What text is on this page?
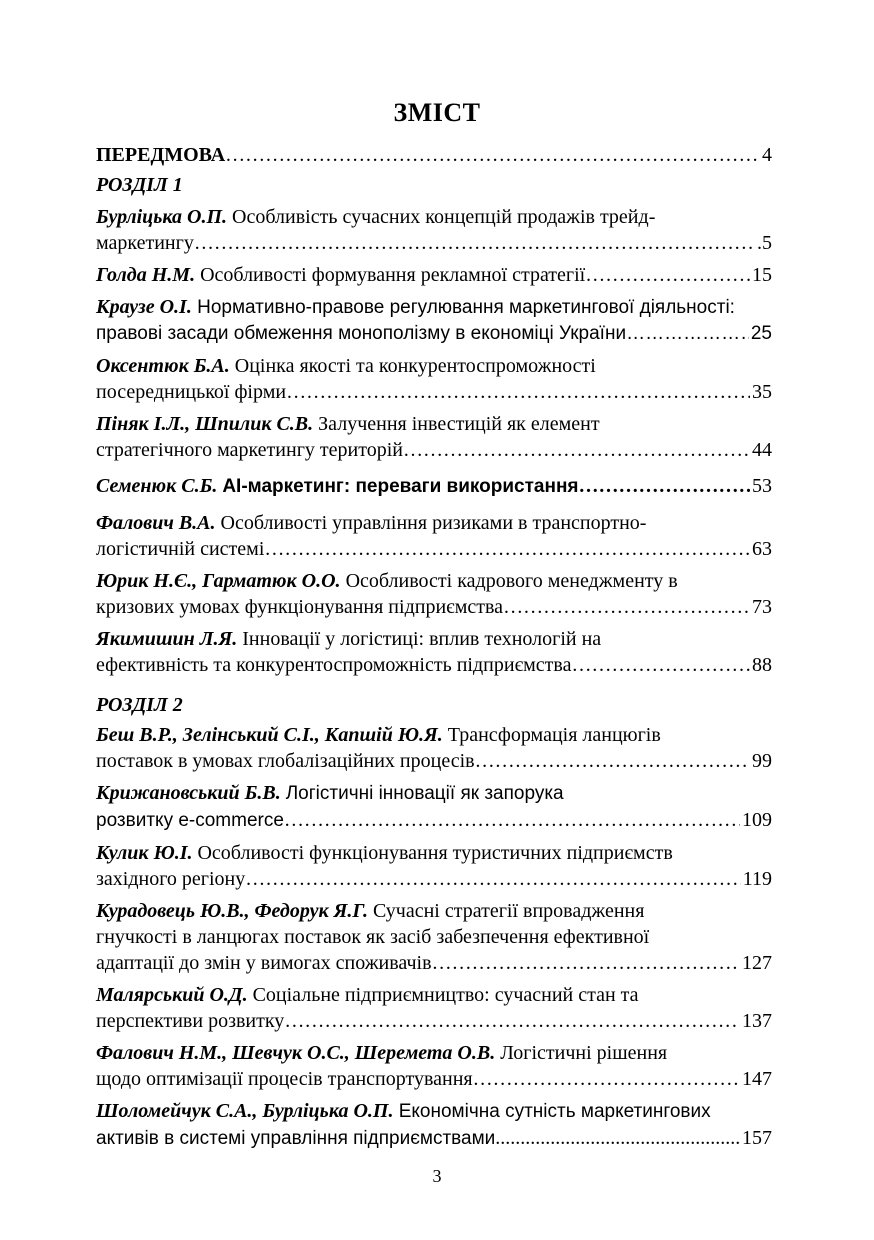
ЗМІСТ
ПЕРЕДМОВА …………………………………………………………………………………………………………………………………………………	4
РОЗДІЛ 1
Бурліцька О.П. Особливість сучасних концепцій продажів трейд-
маркетингу …………………………………………………………………………………………………………………………………………………	.5
Голда Н.М. Особливості формування рекламної стратегії …………………………………………………………………………………………………………………………………………………	15
Краузе О.І. Нормативно-правове регулювання маркетингової діяльності:
правові засади обмеження монополізму в економіці України …………………………………………………………………………………………………………………………………………………	25
Оксентюк Б.А. Оцінка якості та конкурентоспроможності
посередницької фірми …………………………………………………………………………………………………………………………………………………	35
Піняк І.Л., Шпилик С.В. Залучення інвестицій як елемент
стратегічного маркетингу територій …………………………………………………………………………………………………………………………………………………	44
Семенюк С.Б. AI-маркетинг: переваги використання …………………………………………………………………………………………………………………………………………………	53
Фалович В.А. Особливості управління ризиками в транспортно-
логістичній системі …………………………………………………………………………………………………………………………………………………	63
Юрик Н.Є., Гарматюк О.О. Особливості кадрового менеджменту в
кризових умовах функціонування підприємства …………………………………………………………………………………………………………………………………………………	73
Якимишин Л.Я. Інновації у логістиці: вплив технологій на
ефективність та конкурентоспроможність підприємства …………………………………………………………………………………………………………………………………………………	88
РОЗДІЛ 2
Беш В.Р., Зелінський С.І., Капшій Ю.Я. Трансформація ланцюгів
поставок в умовах глобалізаційних процесів …………………………………………………………………………………………………………………………………………………	99
Крижановський Б.В. Логістичні інновації як запорука
розвитку e-commerce …………………………………………………………………………………………………………………………………………………	109
Кулик Ю.І. Особливості функціонування туристичних підприємств
західного регіону …………………………………………………………………………………………………………………………………………………	119
Курадовець Ю.В., Федорук Я.Г. Сучасні стратегії впровадження
гнучкості в ланцюгах поставок як засіб забезпечення ефективної
адаптації до змін у вимогах споживачів …………………………………………………………………………………………………………………………………………………	127
Малярський О.Д. Соціальне підприємництво: сучасний стан та
перспективи розвитку …………………………………………………………………………………………………………………………………………………	137
Фалович Н.М., Шевчук О.С., Шеремета О.В. Логістичні рішення
щодо оптимізації процесів транспортування …………………………………………………………………………………………………………………………………………………	147
Шоломейчук С.А., Бурліцька О.П. Економічна сутність маркетингових
активів в системі управління підприємствами .....	157
3
